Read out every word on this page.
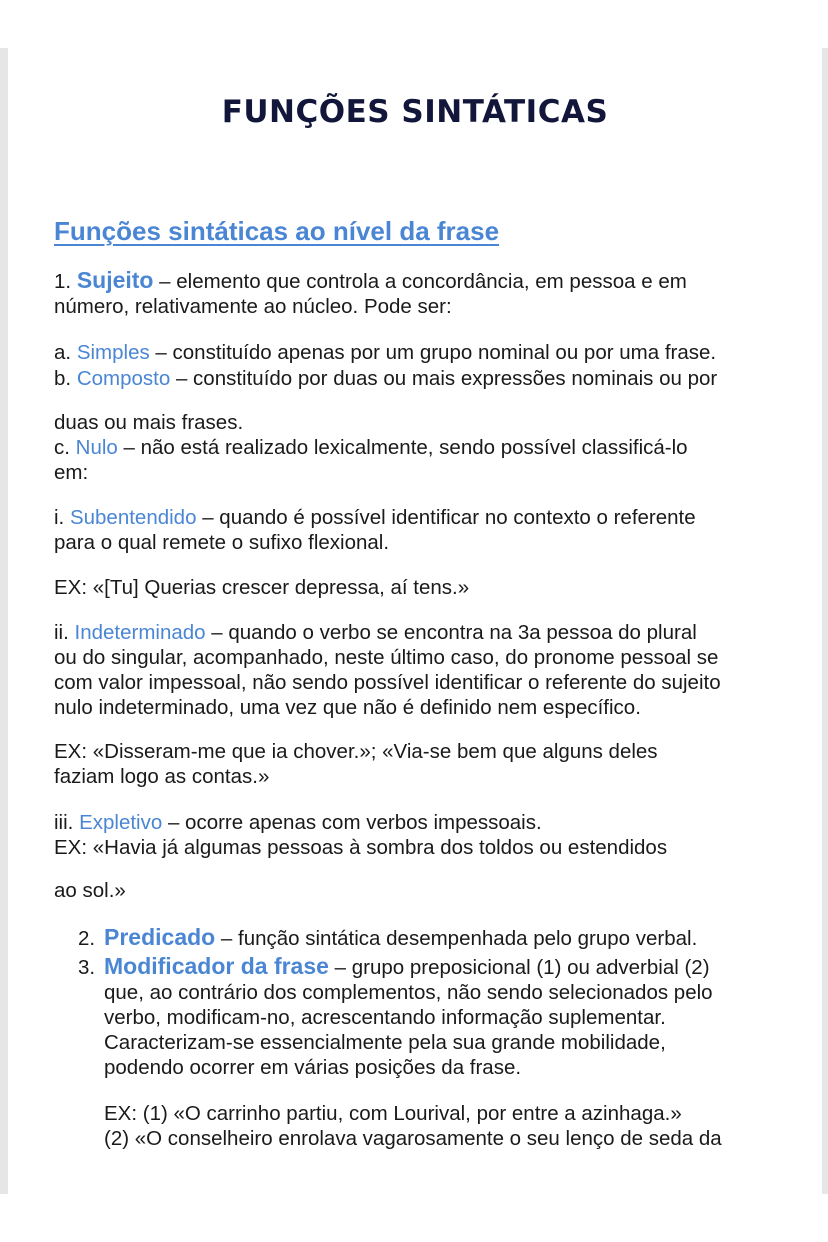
FUNÇÕES SINTÁTICAS
Funções sintáticas ao nível da frase

1. Sujeito – elemento que controla a concordância, em pessoa e em
número, relativamente ao núcleo. Pode ser:

a. Simples – constituído apenas por um grupo nominal ou por uma frase.

b. Composto – constituído por duas ou mais expressões nominais ou por

duas ou mais frases.

c. Nulo – não está realizado lexicalmente, sendo possível classificá-lo
em:

i. Subentendido – quando é possível identificar no contexto o referente
para o qual remete o sufixo flexional.

EX: «[Tu] Querias crescer depressa, aí tens.»

ii. Indeterminado – quando o verbo se encontra na 3a pessoa do plural
ou do singular, acompanhado, neste último caso, do pronome pessoal se
com valor impessoal, não sendo possível identificar o referente do sujeito
nulo indeterminado, uma vez que não é definido nem específico.

EX: «Disseram-me que ia chover.»; «Via-se bem que alguns deles
faziam logo as contas.»

iii. Expletivo – ocorre apenas com verbos impessoais.
EX: «Havia já algumas pessoas à sombra dos toldos ou estendidos

ao sol.»

2. Predicado – função sintática desempenhada pelo grupo verbal.
3. Modificador da frase – grupo preposicional (1) ou adverbial (2)
que, ao contrário dos complementos, não sendo selecionados pelo
verbo, modificam-no, acrescentando informação suplementar.
Caracterizam-se essencialmente pela sua grande mobilidade,
podendo ocorrer em várias posições da frase.
EX: (1) «O carrinho partiu, com Lourival, por entre a azinhaga.»
(2) «O conselheiro enrolava vagarosamente o seu lenço de seda da
